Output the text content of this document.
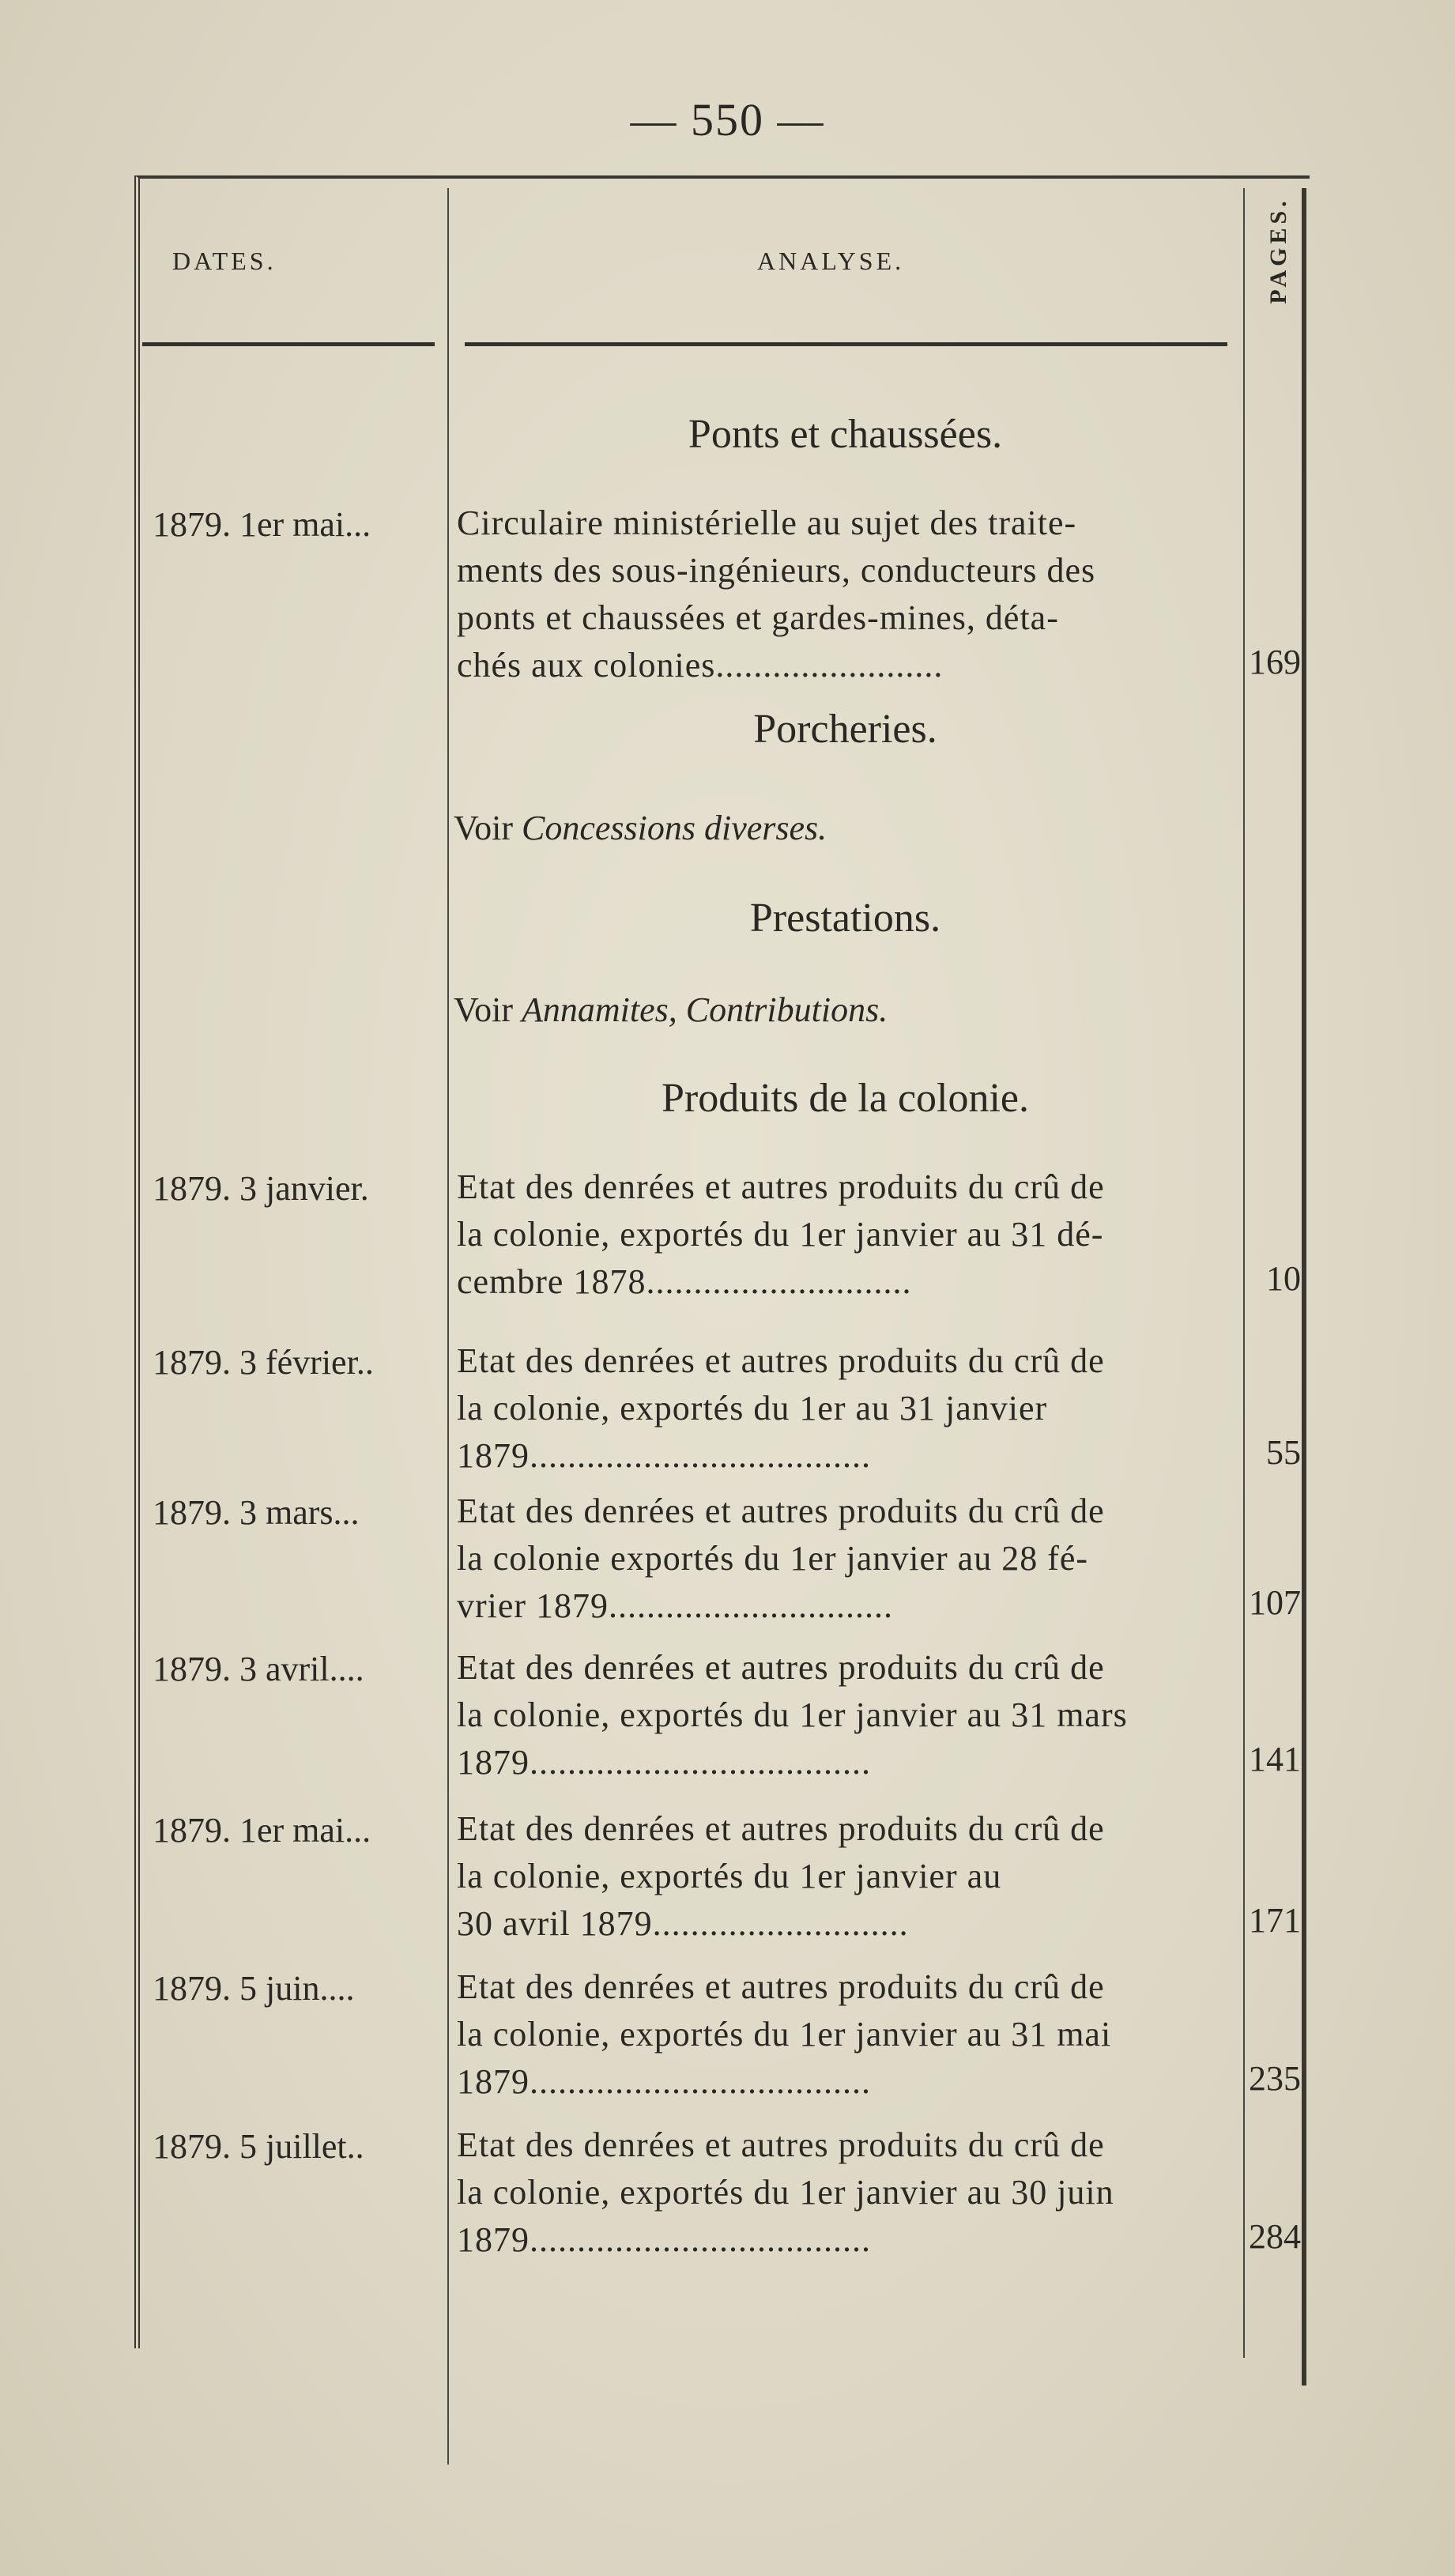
— 550 —
DATES.	ANALYSE.	PAGES.
Ponts et chaussées.
1879. 1er mai...	Circulaire ministérielle au sujet des traite-
ments des sous-ingénieurs, conducteurs des
ponts et chaussées et gardes-mines, déta-
chés aux colonies........................	169
Porcheries.
Voir Concessions diverses.
Prestations.
Voir Annamites, Contributions.
Produits de la colonie.
1879. 3 janvier.	Etat des denrées et autres produits du crû de
la colonie, exportés du 1er janvier au 31 dé-
cembre 1878............................	10
1879. 3 février..	Etat des denrées et autres produits du crû de
la colonie, exportés du 1er au 31 janvier
1879....................................	55
1879. 3 mars...	Etat des denrées et autres produits du crû de
la colonie exportés du 1er janvier au 28 fé-
vrier 1879..............................	107
1879. 3 avril....	Etat des denrées et autres produits du crû de
la colonie, exportés du 1er janvier au 31 mars
1879....................................	141
1879. 1er mai...	Etat des denrées et autres produits du crû de
la colonie, exportés du 1er janvier au
30 avril 1879...........................	171
1879. 5 juin....	Etat des denrées et autres produits du crû de
la colonie, exportés du 1er janvier au 31 mai
1879....................................	235
1879. 5 juillet..	Etat des denrées et autres produits du crû de
la colonie, exportés du 1er janvier au 30 juin
1879....................................	284
